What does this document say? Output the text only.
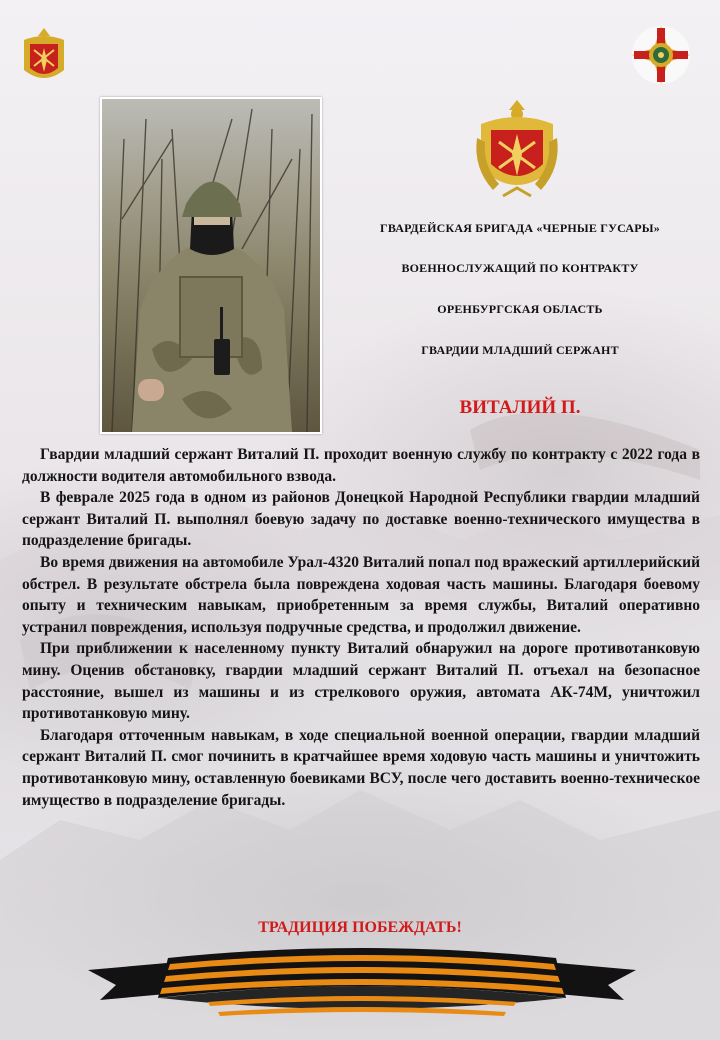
ГВАРДЕЙСКАЯ БРИГАДА «ЧЕРНЫЕ ГУСАРЫ»
ВОЕННОСЛУЖАЩИЙ ПО КОНТРАКТУ
ОРЕНБУРГСКАЯ ОБЛАСТЬ
ГВАРДИИ МЛАДШИЙ СЕРЖАНТ
ВИТАЛИЙ П.

Гвардии младший сержант Виталий П. проходит военную службу по контракту с 2022 года в должности водителя автомобильного взвода.

В феврале 2025 года в одном из районов Донецкой Народной Республики гвардии младший сержант Виталий П. выполнял боевую задачу по доставке военно-технического имущества в подразделение бригады.

Во время движения на автомобиле Урал-4320 Виталий попал под вражеский артиллерийский обстрел. В результате обстрела была повреждена ходовая часть машины. Благодаря боевому опыту и техническим навыкам, приобретенным за время службы, Виталий оперативно устранил повреждения, используя подручные средства, и продолжил движение.

При приближении к населенному пункту Виталий обнаружил на дороге противотанковую мину. Оценив обстановку, гвардии младший сержант Виталий П. отъехал на безопасное расстояние, вышел из машины и из стрелкового оружия, автомата АК-74М, уничтожил противотанковую мину.

Благодаря отточенным навыкам, в ходе специальной военной операции, гвардии младший сержант Виталий П. смог починить в кратчайшее время ходовую часть машины и уничтожить противотанковую мину, оставленную боевиками ВСУ, после чего доставить военно-техническое имущество в подразделение бригады.

ТРАДИЦИЯ ПОБЕЖДАТЬ!
